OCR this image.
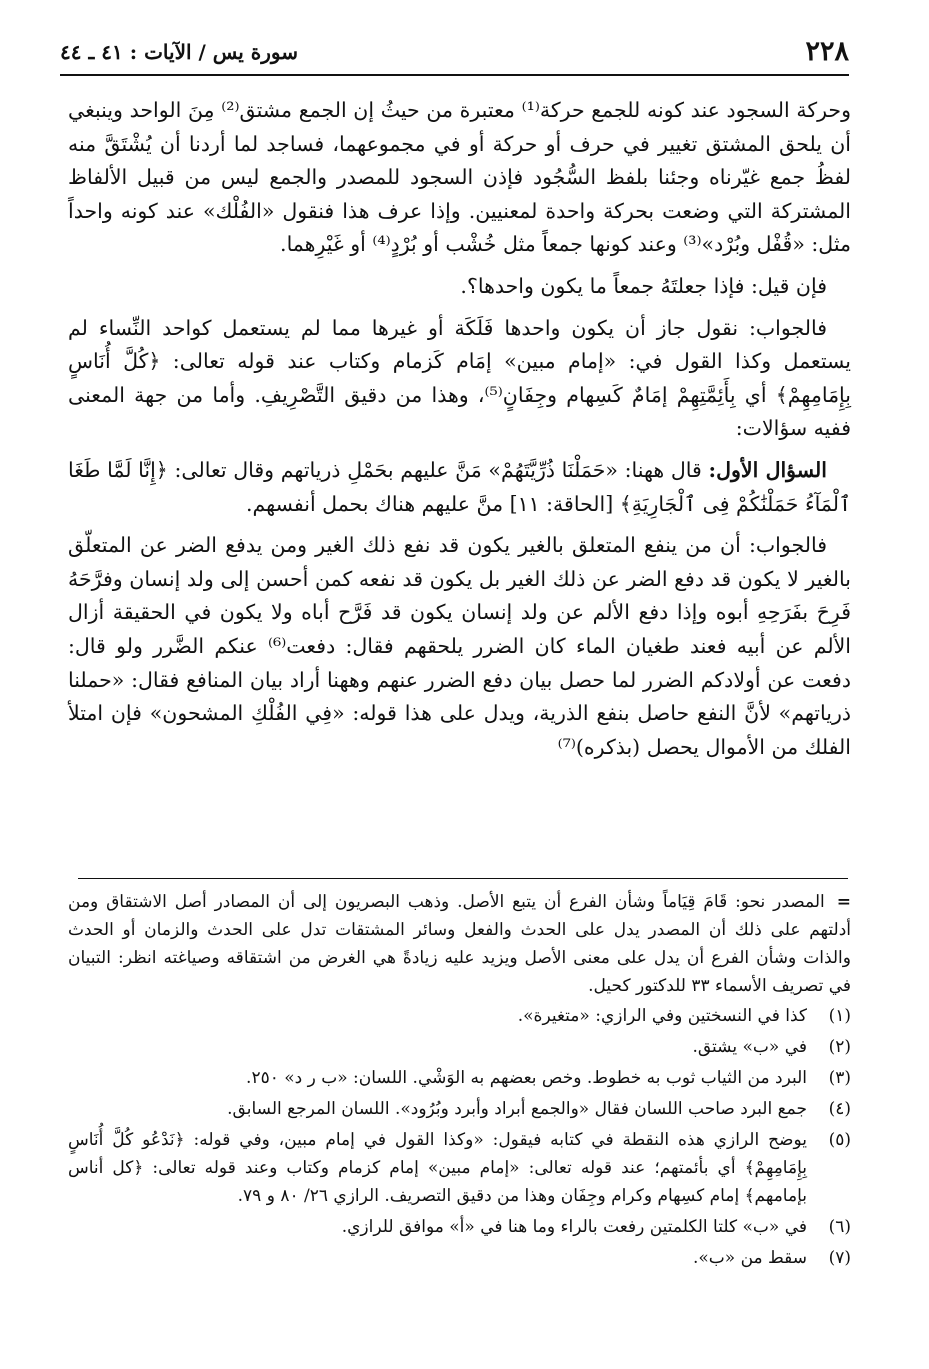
٢٢٨
سورة يس / الآيات : ٤١ ـ ٤٤

وحركة السجود عند كونه للجمع حركة⁽¹⁾ معتبرة من حيثُ إن الجمع مشتق⁽²⁾ مِنَ الواحد وينبغي أن يلحق المشتق تغيير في حرف أو حركة أو في مجموعهما، فساجد لما أردنا أن يُشْتَقَّ منه لفظُ جمع غيّرناه وجئنا بلفظ السُّجُود فإذن السجود للمصدر والجمع ليس من قبيل الألفاظ المشتركة التي وضعت بحركة واحدة لمعنيين. وإذا عرف هذا فنقول «الفُلْك» عند كونه واحداً مثل: «قُفْل وبُرْد»⁽³⁾ وعند كونها جمعاً مثل خُشْب أو بُرْدٍ⁽⁴⁾ أو غَيْرِهما.

فإن قيل: فإذا جعلتَهُ جمعاً ما يكون واحدها؟.

فالجواب: نقول جاز أن يكون واحدها فَلَكَة أو غيرها مما لم يستعمل كواحد النِّساء لم يستعمل وكذا القول في: «إمام مبين» إمَام كَزمام وكتاب عند قوله تعالى: ﴿كُلَّ أُنَاسٍ بِإِمَامِهِمْ﴾ أي بِأَئِمَّتِهِمْ إمَامٌ كَسِهام وجِفَانٍ⁽⁵⁾، وهذا من دقيق التَّصْرِيفِ. وأما من جهة المعنى ففيه سؤالات:

السؤال الأول: قال ههنا: «حَمَلْنَا ذُرِّيَّتَهُمْ» مَنَّ عليهم بحَمْلِ ذرياتهم وقال تعالى: ﴿إِنَّا لَمَّا طَغَا ٱلْمَآءُ حَمَلْنَٰكُمْ فِى ٱلْجَارِيَةِ﴾ [الحاقة: ١١] منَّ عليهم هناك بحمل أنفسهم.

فالجواب: أن من ينفع المتعلق بالغير يكون قد نفع ذلك الغير ومن يدفع الضر عن المتعلّق بالغير لا يكون قد دفع الضر عن ذلك الغير بل يكون قد نفعه كمن أحسن إلى ولد إنسان وفرَّحَهُ فَرِحَ بفَرَحِهِ أبوه وإذا دفع الألم عن ولد إنسان يكون قد فَرَّح أباه ولا يكون في الحقيقة أزال الألم عن أبيه فعند طغيان الماء كان الضرر يلحقهم فقال: دفعت⁽⁶⁾ عنكم الضَّرر ولو قال: دفعت عن أولادكم الضرر لما حصل بيان دفع الضرر عنهم وههنا أراد بيان المنافع فقال: «حملنا ذرياتهم» لأنَّ النفع حاصل بنفع الذرية، ويدل على هذا قوله: «فِي الفُلْكِ المشحون» فإن امتلأ الفلك من الأموال يحصل (بذكره)⁽⁷⁾

=المصدر نحو: قَامَ قِيَاماً وشأن الفرع أن يتبع الأصل. وذهب البصريون إلى أن المصادر أصل الاشتقاق ومن أدلتهم على ذلك أن المصدر يدل على الحدث والفعل وسائر المشتقات تدل على الحدث والزمان أو الحدث والذات وشأن الفرع أن يدل على معنى الأصل ويزيد عليه زيادةً هي الغرض من اشتقاقه وصياغته انظر: التبيان في تصريف الأسماء ٣٣ للدكتور كحيل.

(١)
كذا في النسختين وفي الرازي: «متغيرة».
(٢)
في «ب» يشتق.
(٣)
البرد من الثياب ثوب به خطوط. وخص بعضهم به الوَشْي. اللسان: «ب ر د» ٢٥٠.
(٤)
جمع البرد صاحب اللسان فقال «والجمع أبراد وأبرد وبُرُود». اللسان المرجع السابق.
(٥)
يوضح الرازي هذه النقطة في كتابه فيقول: «وكذا القول في إمام مبين، وفي قوله: ﴿نَدْعُو كُلَّ أُنَاسٍ بِإِمَامِهِمْ﴾ أي بأئمتهم؛ عند قوله تعالى: «إمام مبين» إمام كزمام وكتاب وعند قوله تعالى: ﴿كل أناس بإمامهم﴾ إمام كسِهام وكرام وجِفَان وهذا من دقيق التصريف. الرازي ٢٦/ ٨٠ و ٧٩.
(٦)
في «ب» كلتا الكلمتين رفعت بالراء وما هنا في «أ» موافق للرازي.
(٧)
سقط من «ب».
